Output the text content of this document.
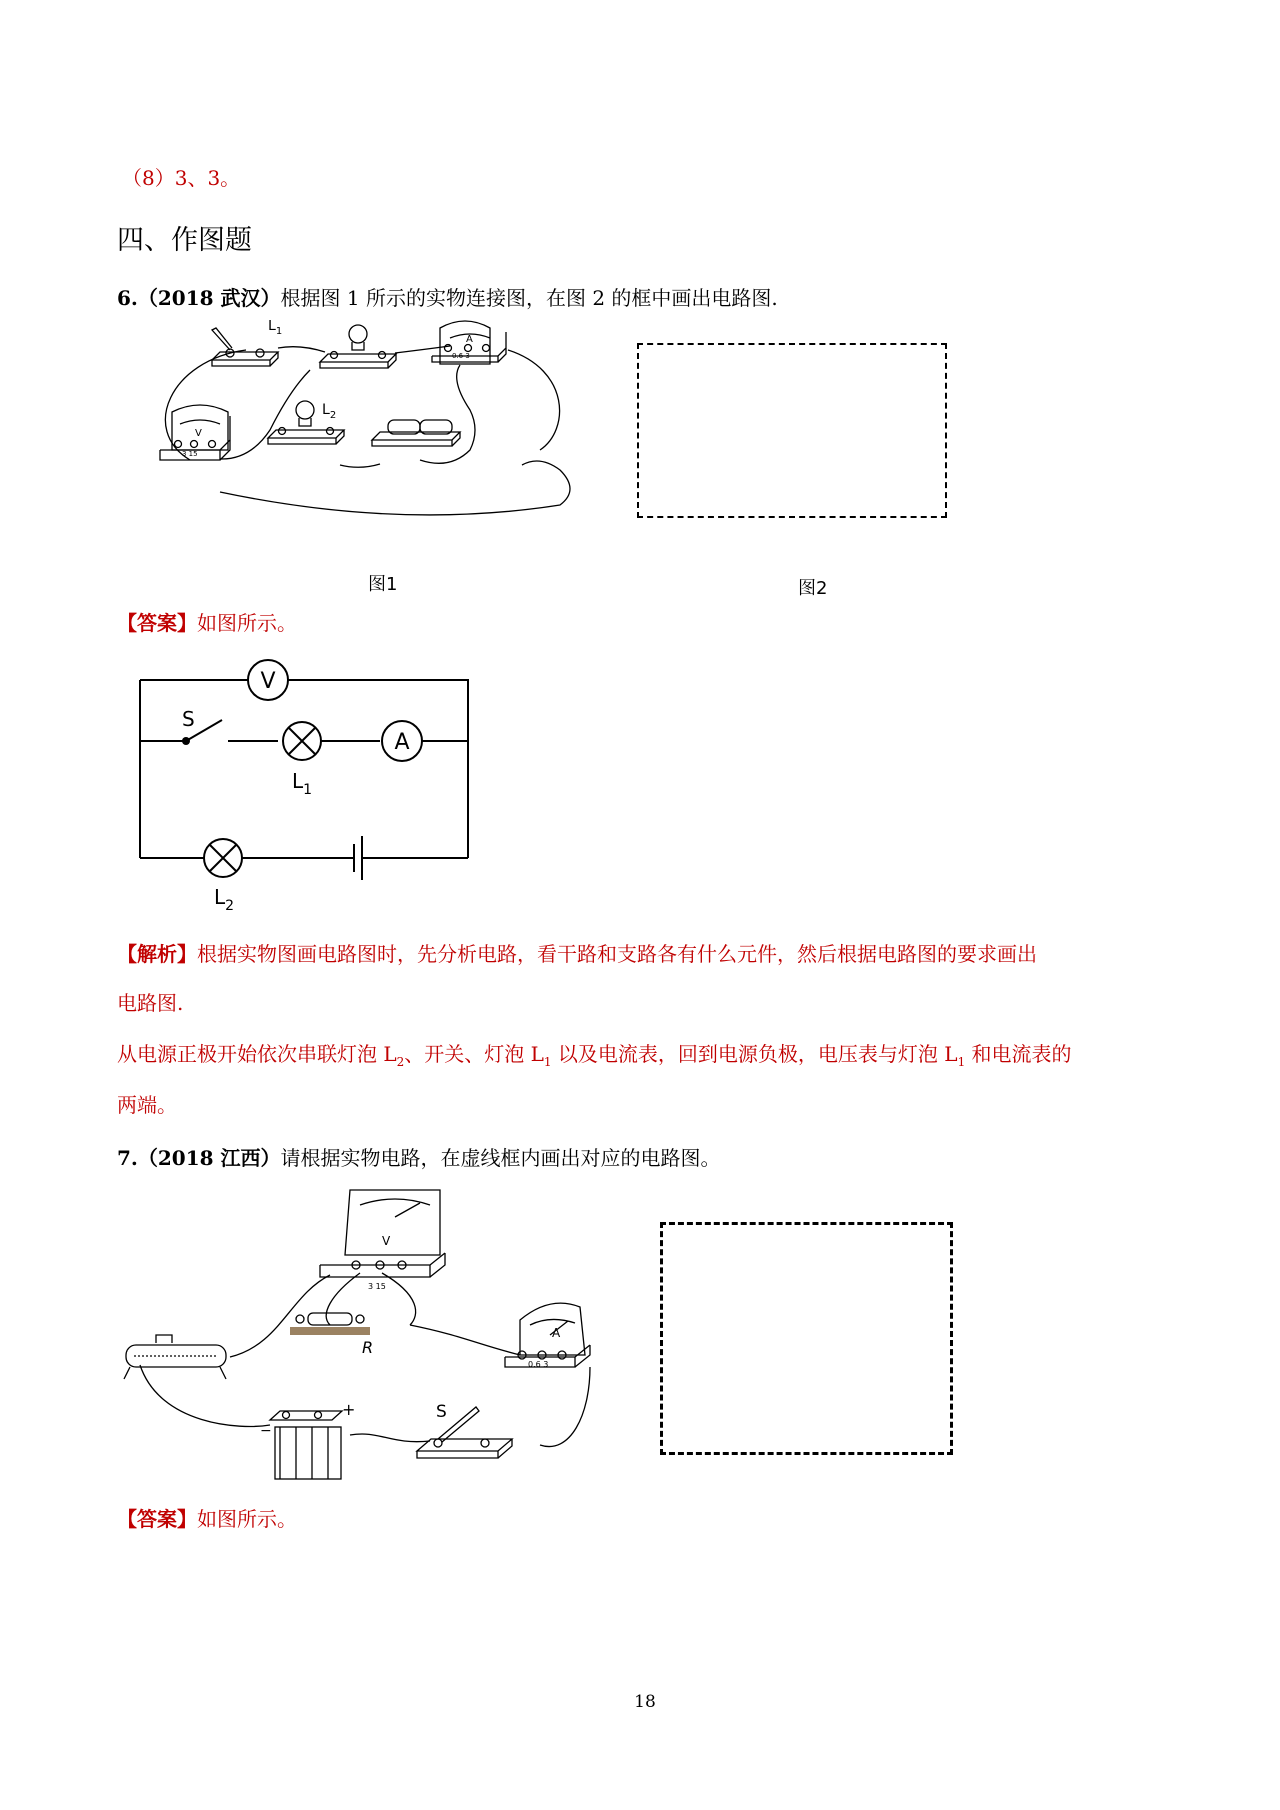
（8）3、3。
四、作图题
6.（2018 武汉）根据图 1 所示的实物连接图，在图 2 的框中画出电路图.
$L_1$
$L_2$
A
0.6 3
V
3 15
图1	图2
【答案】如图所示。
V
A
S
$L_1$
$L_2$
【解析】根据实物图画电路图时，先分析电路，看干路和支路各有什么元件，然后根据电路图的要求画出
电路图.
从电源正极开始依次串联灯泡 $L_2$、开关、灯泡 $L_1$ 以及电流表，回到电源负极，电压表与灯泡 $L_1$ 和电流表的
两端。
7.（2018 江西）请根据实物电路，在虚线框内画出对应的电路图。
V
3 15
A
0.6 3
R
S
+
−
【答案】如图所示。
18
